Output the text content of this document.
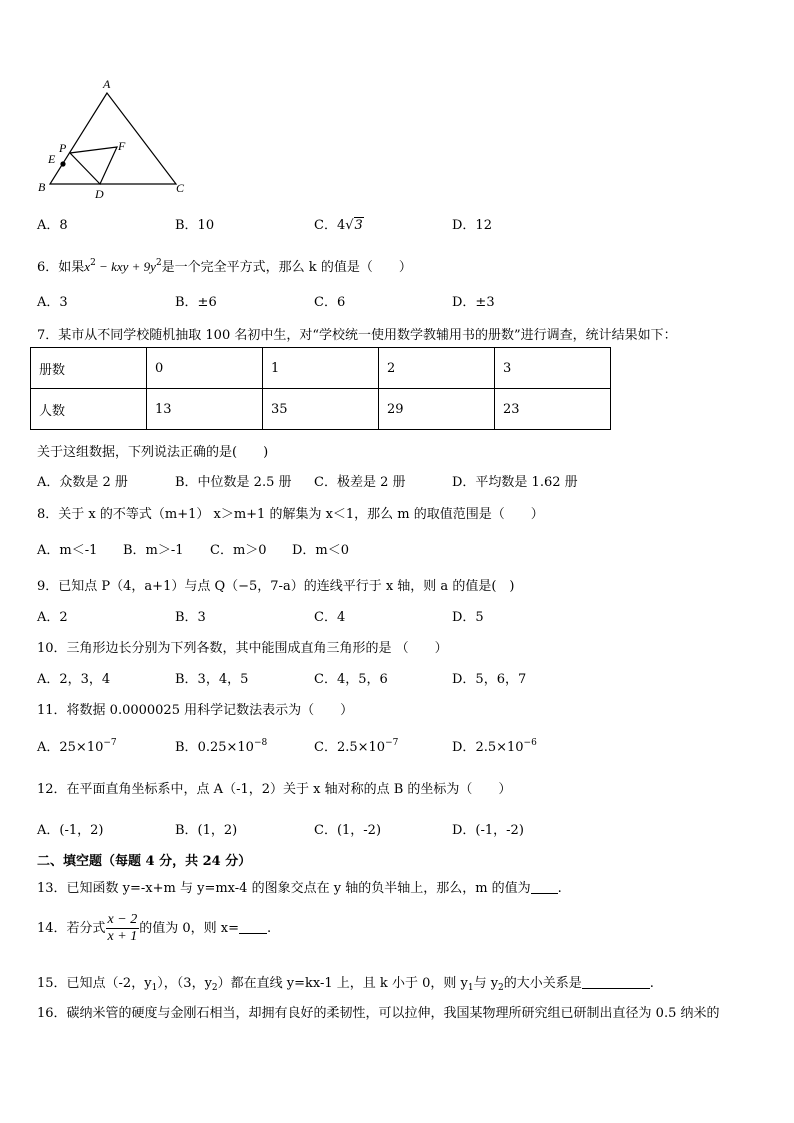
A
B	C
D
E
F
P
A．8	B．10	C．4√3	D．12
6．如果$x^2$ − kxy + $9y^2$是一个完全平方式，那么 k 的值是（　　）
A．3	B．±6	C．6	D．±3
7．某市从不同学校随机抽取 100 名初中生，对“学校统一使用数学教辅用书的册数”进行调查，统计结果如下：
册数	0	1	2	3
人数	13	35	29	23
关于这组数据，下列说法正确的是(　　)
A．众数是 2 册	B．中位数是 2.5 册 C．极差是 2 册	D．平均数是 1.62 册
8．关于 x 的不等式（m+1） x＞m+1 的解集为 x＜1，那么 m 的取值范围是（　　）
A．m＜-1 B．m＞-1 C．m＞0 D．m＜0
9．已知点 P（4，a+1）与点 Q（−5，7-a）的连线平行于 x 轴，则 a 的值是(　)
A．2	B．3	C．4	D．5
10．三角形边长分别为下列各数，其中能围成直角三角形的是 （　　）
A．2，3，4	B．3，4，5	C．4，5，6	D．5，6，7
11．将数据 0.0000025 用科学记数法表示为（　　）
A．$25\times 10^{-7}$	B．$0.25\times 10^{-8}$	C．$2.5\times 10^{-7}$	D．$2.5\times 10^{-6}$
12．在平面直角坐标系中，点 A（-1，2）关于 x 轴对称的点 B 的坐标为（　　）
A．(-1，2)	B．(1，2)	C．(1，-2)	D．(-1，-2)
二、填空题（每题 4 分，共 24 分）
13．已知函数 y=-x+m 与 y=mx-4 的图象交点在 y 轴的负半轴上，那么，m 的值为 .
14．若分式 $\frac{x - 2}{x + 1}$ 的值为 0，则 x= .
15．已知点（-2，$y_1$），（3，$y_2$）都在直线 y=kx-1 上，且 k 小于 0，则 $y_1$与 $y_2$的大小关系是	.
16．碳纳米管的硬度与金刚石相当，却拥有良好的柔韧性，可以拉伸，我国某物理所研究组已研制出直径为 0.5 纳米的
